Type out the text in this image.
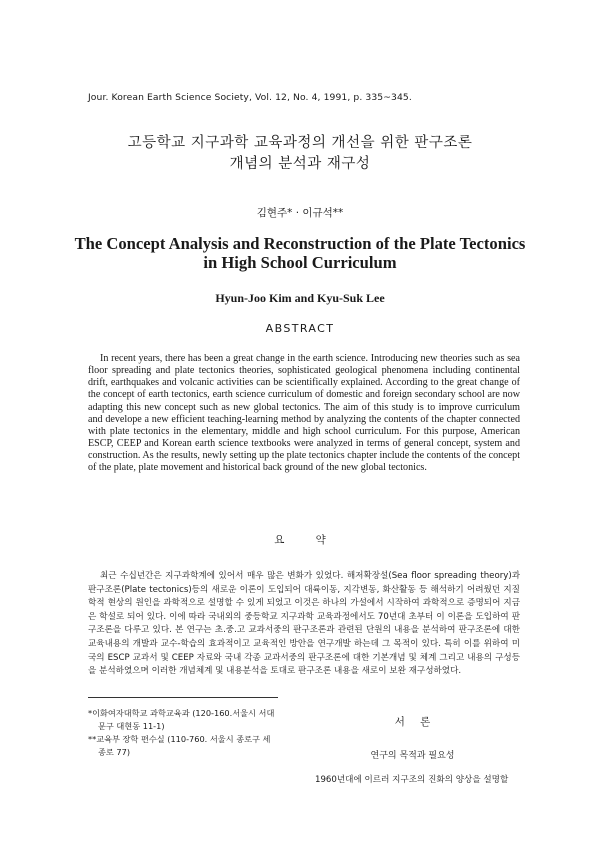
Jour. Korean Earth Science Society, Vol. 12, No. 4, 1991, p. 335~345.
고등학교 지구과학 교육과정의 개선을 위한 판구조론
개념의 분석과 재구성
김현주* · 이규석**
The Concept Analysis and Reconstruction of the Plate Tectonics
in High School Curriculum
Hyun-Joo Kim and Kyu-Suk Lee
ABSTRACT

In recent years, there has been a great change in the earth science. Introducing new theories such as sea floor spreading and plate tectonics theories, sophisticated geological phenomena including continental drift, earthquakes and volcanic activities can be scientifically explained. According to the great change of the concept of earth tectonics, earth science curriculum of domestic and foreign secondary school are now adapting this new concept such as new global tectonics. The aim of this study is to improve curriculum and develope a new efficient teaching-learning method by analyzing the contents of the chapter connected with plate tectonics in the elementary, middle and high school curriculum. For this purpose, American ESCP, CEEP and Korean earth science textbooks were analyzed in terms of general concept, system and construction. As the results, newly setting up the plate tectonics chapter include the contents of the concept of the plate, plate movement and historical back ground of the new global tectonics.

요 약

최근 수십년간은 지구과학계에 있어서 매우 많은 변화가 있었다. 해저확장설(Sea floor spreading theory)과 판구조론(Plate tectonics)등의 새로운 이론이 도입되어 대륙이동, 지각변동, 화산활동 등 해석하기 어려웠던 지질학적 현상의 원인을 과학적으로 설명할 수 있게 되었고 이것은 하나의 가설에서 시작하여 과학적으로 증명되어 지금은 학설로 되어 있다. 이에 따라 국내외의 중등학교 지구과학 교육과정에서도 70년대 초부터 이 이론을 도입하여 판구조론을 다루고 있다. 본 연구는 초.중.고 교과서중의 판구조론과 관련된 단원의 내용을 분석하여 판구조론에 대한 교육내용의 개발과 교수-학습의 효과적이고 교육적인 방안을 연구개발 하는데 그 목적이 있다. 특히 이를 위하여 미국의 ESCP 교과서 및 CEEP 자료와 국내 각종 교과서중의 판구조론에 대한 기본개념 및 체계 그리고 내용의 구성등을 분석하였으며 이러한 개념체계 및 내용분석을 토대로 판구조론 내용을 새로이 보완 재구성하였다.

*이화여자대학교 과학교육과 (120-160.서울시 서대
문구 대현동 11-1)
**교육부 장학 편수실 (110-760. 서울시 종로구 세
종로 77)
서 론
연구의 목적과 필요성
1960년대에 이르러 지구조의 진화의 양상을 설명할
